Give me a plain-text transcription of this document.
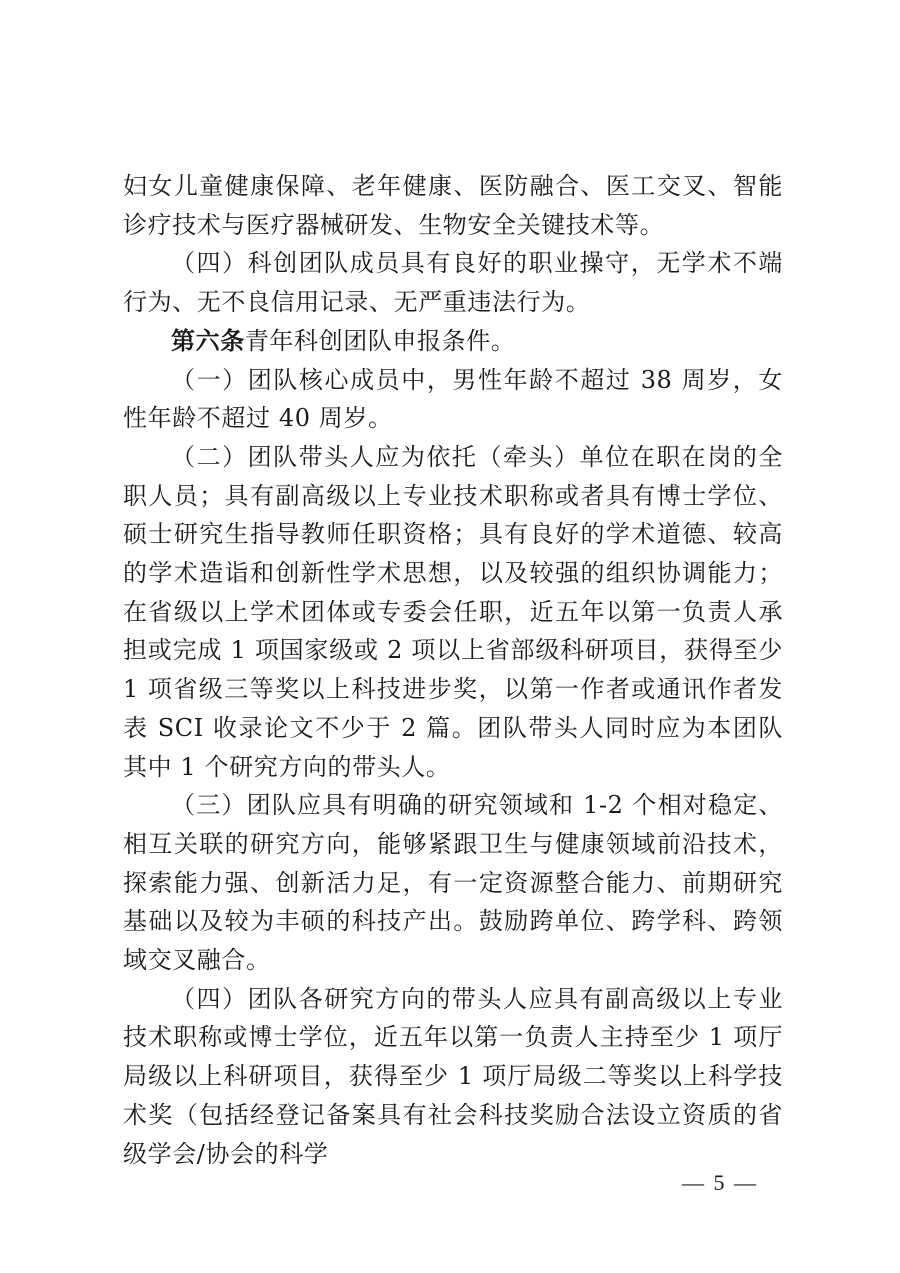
妇女儿童健康保障、老年健康、医防融合、医工交叉、智能诊疗技术与医疗器械研发、生物安全关键技术等。

（四）科创团队成员具有良好的职业操守，无学术不端行为、无不良信用记录、无严重违法行为。

第六条青年科创团队申报条件。

（一）团队核心成员中，男性年龄不超过 38 周岁，女性年龄不超过 40 周岁。

（二）团队带头人应为依托（牵头）单位在职在岗的全职人员；具有副高级以上专业技术职称或者具有博士学位、硕士研究生指导教师任职资格；具有良好的学术道德、较高的学术造诣和创新性学术思想，以及较强的组织协调能力；在省级以上学术团体或专委会任职，近五年以第一负责人承担或完成 1 项国家级或 2 项以上省部级科研项目，获得至少 1 项省级三等奖以上科技进步奖，以第一作者或通讯作者发表 SCI 收录论文不少于 2 篇。团队带头人同时应为本团队其中 1 个研究方向的带头人。

（三）团队应具有明确的研究领域和 1-2 个相对稳定、相互关联的研究方向，能够紧跟卫生与健康领域前沿技术，探索能力强、创新活力足，有一定资源整合能力、前期研究基础以及较为丰硕的科技产出。鼓励跨单位、跨学科、跨领域交叉融合。

（四）团队各研究方向的带头人应具有副高级以上专业技术职称或博士学位，近五年以第一负责人主持至少 1 项厅局级以上科研项目，获得至少 1 项厅局级二等奖以上科学技术奖（包括经登记备案具有社会科技奖励合法设立资质的省级学会/协会的科学

— 5 —
